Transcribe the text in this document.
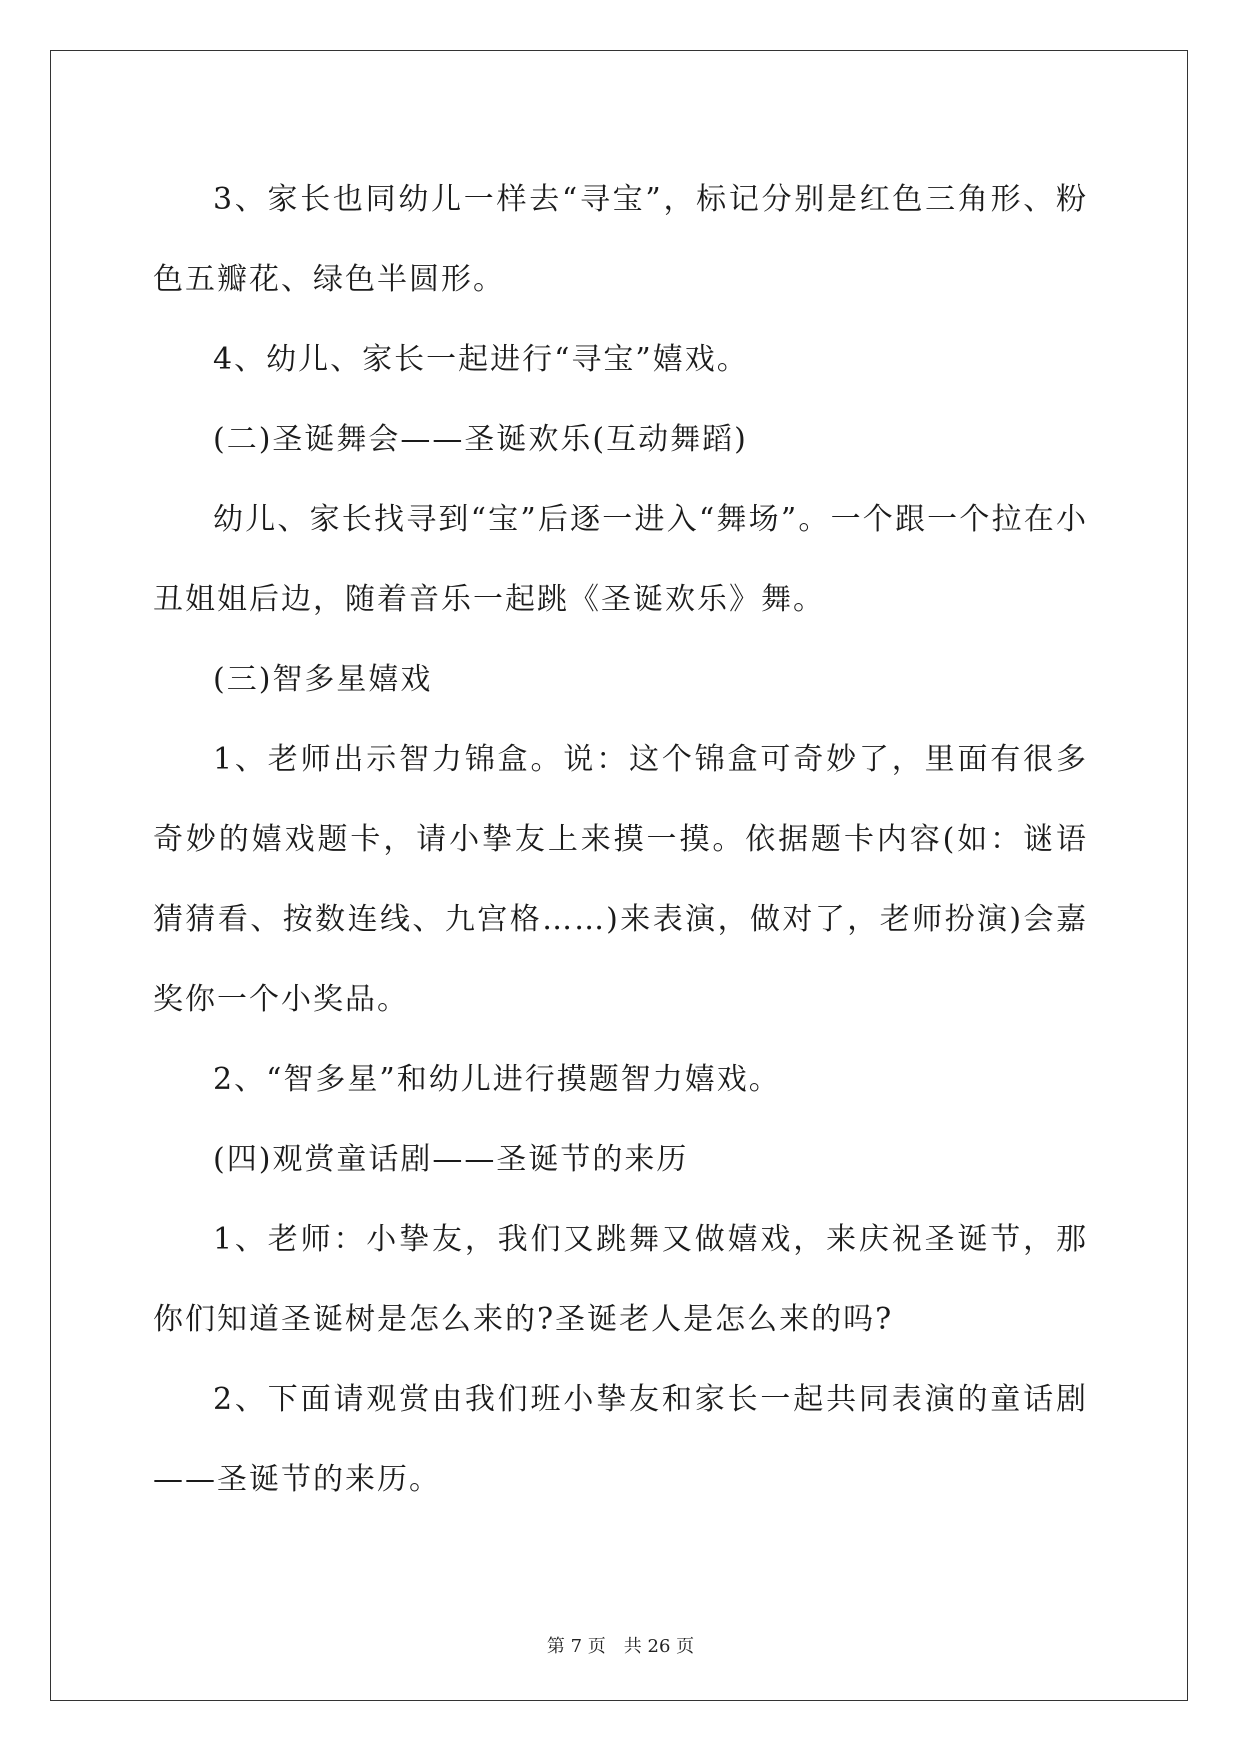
3、家长也同幼儿一样去“寻宝”，标记分别是红色三角形、粉色五瓣花、绿色半圆形。

4、幼儿、家长一起进行“寻宝”嬉戏。

(二)圣诞舞会——圣诞欢乐(互动舞蹈)

幼儿、家长找寻到“宝”后逐一进入“舞场”。一个跟一个拉在小丑姐姐后边，随着音乐一起跳《圣诞欢乐》舞。

(三)智多星嬉戏

1、老师出示智力锦盒。说：这个锦盒可奇妙了，里面有很多奇妙的嬉戏题卡，请小挚友上来摸一摸。依据题卡内容(如：谜语猜猜看、按数连线、九宫格……)来表演，做对了，老师扮演)会嘉奖你一个小奖品。

2、“智多星”和幼儿进行摸题智力嬉戏。

(四)观赏童话剧——圣诞节的来历

1、老师：小挚友，我们又跳舞又做嬉戏，来庆祝圣诞节，那你们知道圣诞树是怎么来的?圣诞老人是怎么来的吗?

2、下面请观赏由我们班小挚友和家长一起共同表演的童话剧——圣诞节的来历。

第 7 页　共 26 页
